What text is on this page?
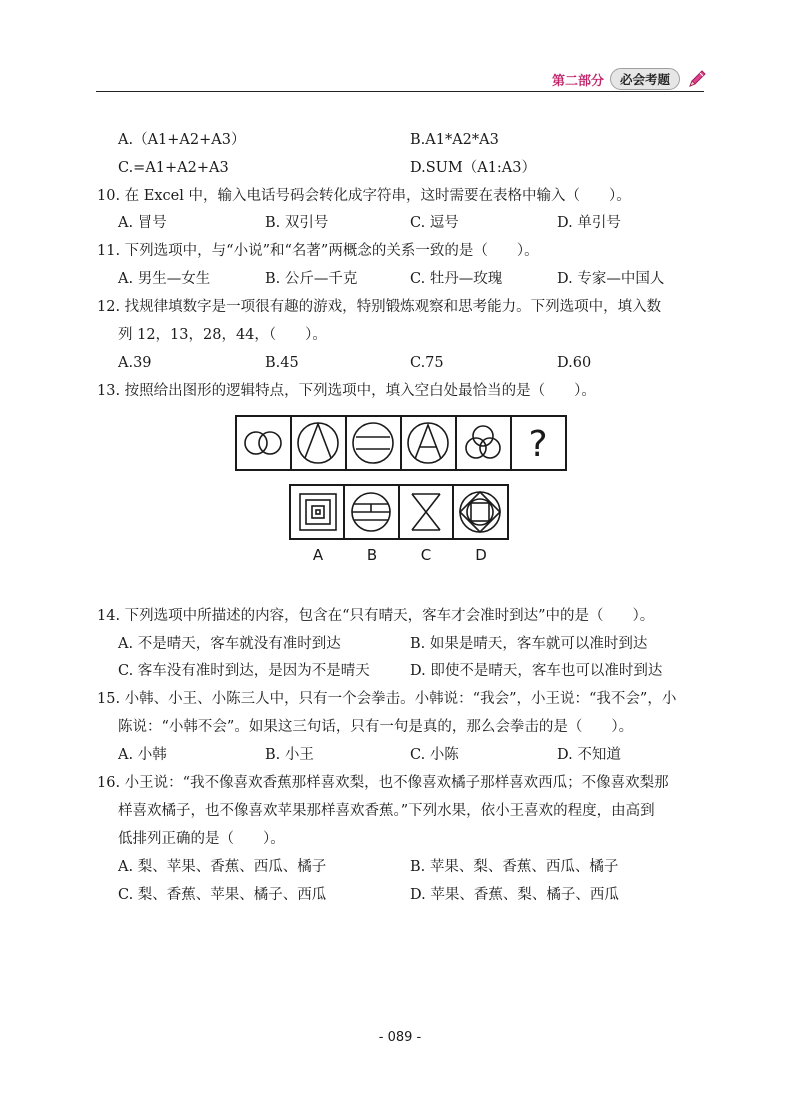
第二部分	必会考题
A.（A1+A2+A3）	B.A1*A2*A3
C.=A1+A2+A3	D.SUM（A1:A3）
10. 在 Excel 中，输入电话号码会转化成字符串，这时需要在表格中输入（　　）。
A. 冒号	B. 双引号	C. 逗号	D. 单引号
11. 下列选项中，与“小说”和“名著”两概念的关系一致的是（　　）。
A. 男生—女生	B. 公斤—千克	C. 牡丹—玫瑰	D. 专家—中国人
12. 找规律填数字是一项很有趣的游戏，特别锻炼观察和思考能力。下列选项中，填入数
列 12，13，28，44，（　　）。
A.39	B.45	C.75	D.60
13. 按照给出图形的逻辑特点，下列选项中，填入空白处最恰当的是（　　）。
?
A	B	C	D
14. 下列选项中所描述的内容，包含在“只有晴天，客车才会准时到达”中的是（　　）。
A. 不是晴天，客车就没有准时到达	B. 如果是晴天，客车就可以准时到达
C. 客车没有准时到达，是因为不是晴天	D. 即使不是晴天，客车也可以准时到达
15. 小韩、小王、小陈三人中，只有一个会拳击。小韩说：“我会”，小王说：“我不会”，小
陈说：“小韩不会”。如果这三句话，只有一句是真的，那么会拳击的是（　　）。
A. 小韩	B. 小王	C. 小陈	D. 不知道
16. 小王说：“我不像喜欢香蕉那样喜欢梨，也不像喜欢橘子那样喜欢西瓜；不像喜欢梨那
样喜欢橘子，也不像喜欢苹果那样喜欢香蕉。”下列水果，依小王喜欢的程度，由高到
低排列正确的是（　　）。
A. 梨、苹果、香蕉、西瓜、橘子	B. 苹果、梨、香蕉、西瓜、橘子
C. 梨、香蕉、苹果、橘子、西瓜	D. 苹果、香蕉、梨、橘子、西瓜
- 089 -
